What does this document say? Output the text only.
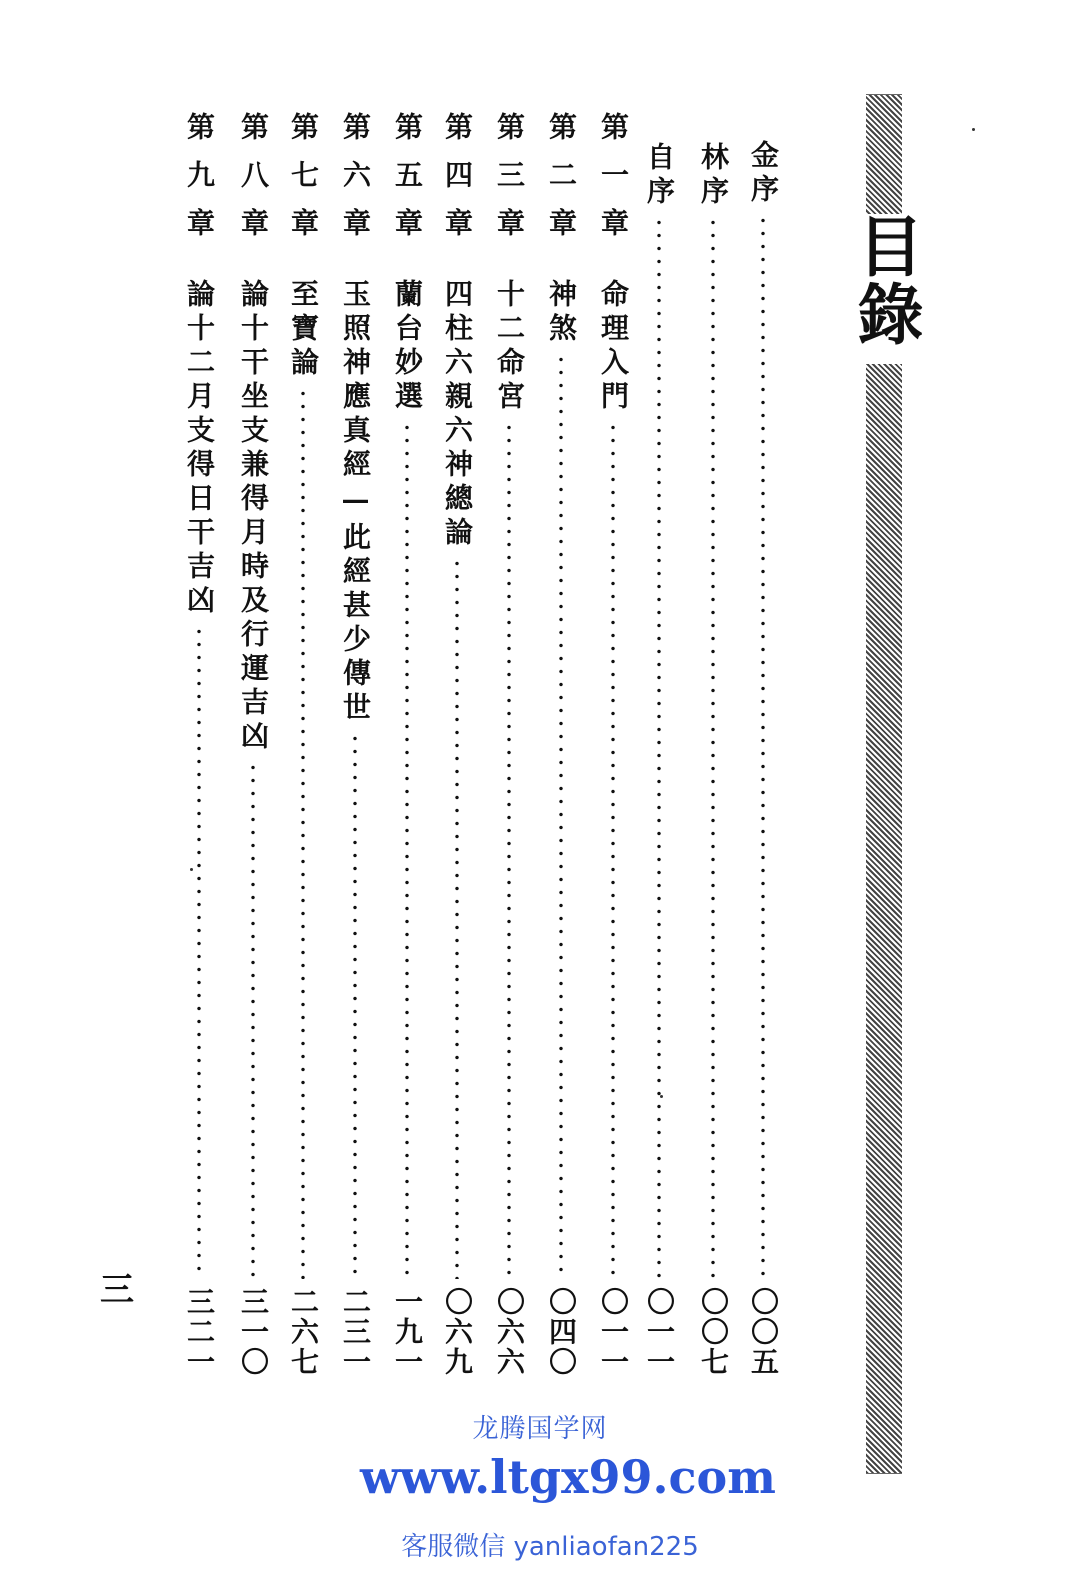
目錄
金序
〇〇五
林序
〇〇七
自序
〇一一
第一章
命理入門
〇一一
第二章
神煞
〇四〇
第三章
十二命宮
〇六六
第四章
四柱六親六神總論
〇六九
第五章
蘭台妙選
一九一
第六章
玉照神應真經—此經甚少傳世
二三一
第七章
至寶論
二六七
第八章
論十干坐支兼得月時及行運吉凶
三一〇
第九章
論十二月支得日干吉凶
三二一
三
龙腾国学网
www.ltgx99.com
客服微信 yanliaofan225
